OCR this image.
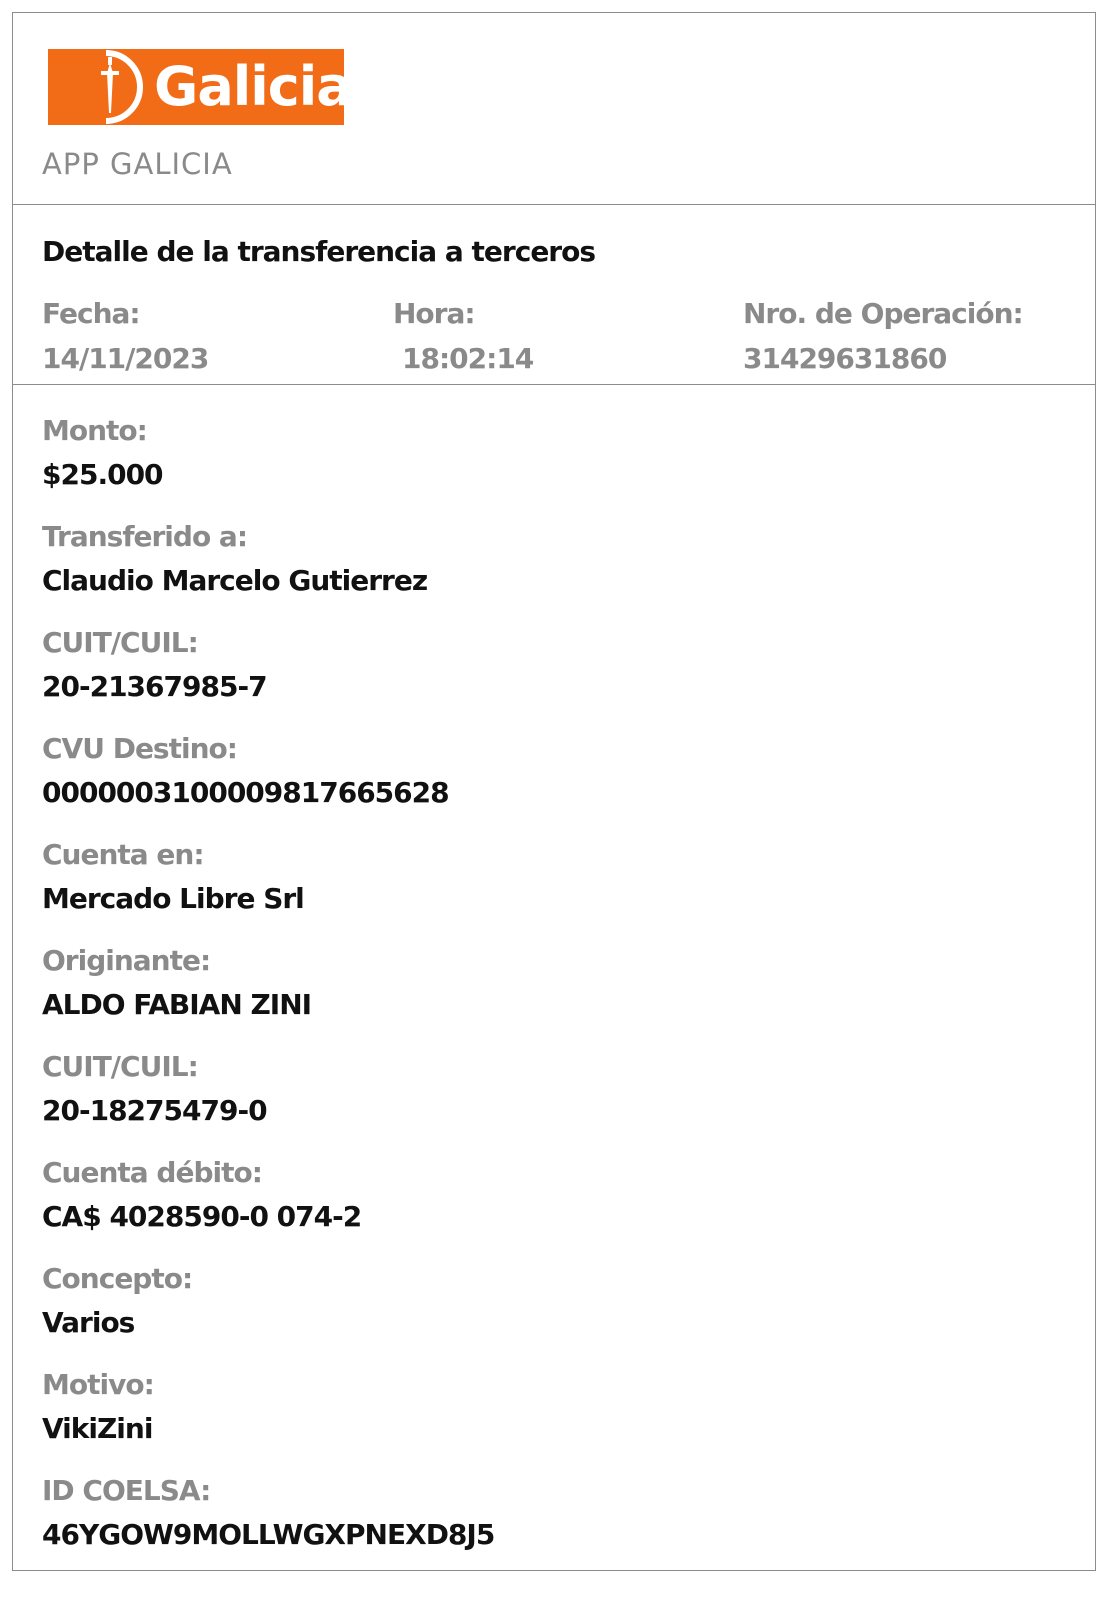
Galicia
APP GALICIA
Detalle de la transferencia a terceros
Fecha:
14/11/2023
Hora:
18:02:14
Nro. de Operación:
31429631860
Monto:
$25.000
Transferido a:
Claudio Marcelo Gutierrez
CUIT/CUIL:
20-21367985-7
CVU Destino:
0000003100009817665628
Cuenta en:
Mercado Libre Srl
Originante:
ALDO FABIAN ZINI
CUIT/CUIL:
20-18275479-0
Cuenta débito:
CA$ 4028590-0 074-2
Concepto:
Varios
Motivo:
VikiZini
ID COELSA:
46YGOW9MOLLWGXPNEXD8J5
